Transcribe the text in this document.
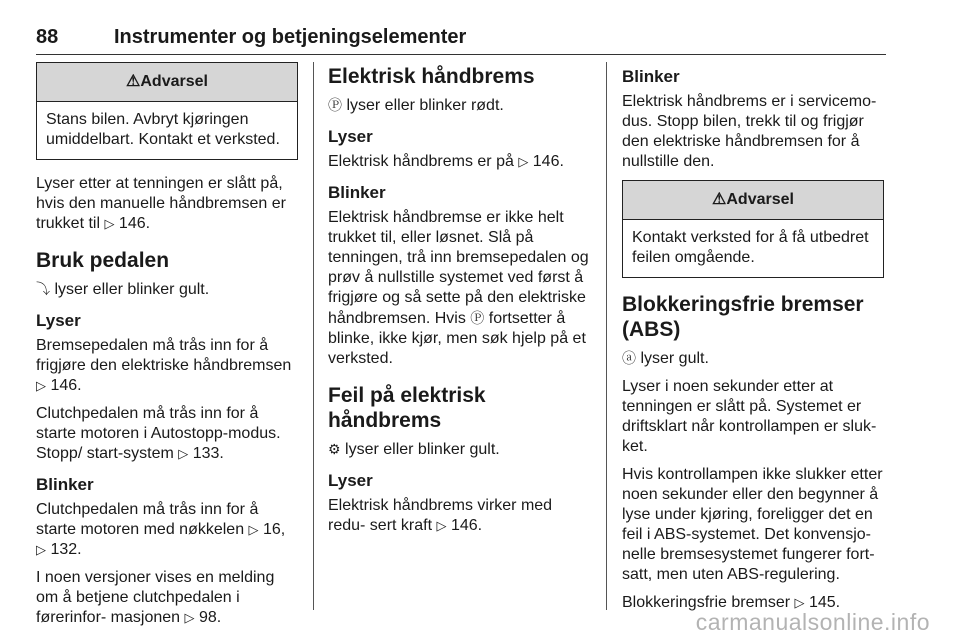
88	Instrumenter og betjeningselementer
⚠Advarsel
Stans bilen. Avbryt kjøringen umiddelbart. Kontakt et verksted.

Lyser etter at tenningen er slått på, hvis den manuelle håndbremsen er trukket til ▷ 146.

Bruk pedalen

⤵ lyser eller blinker gult.

Lyser

Bremsepedalen må trås inn for å frigjøre den elektriske håndbremsen ▷ 146.

Clutchpedalen må trås inn for å starte motoren i Autostopp-modus. Stopp/ start-system ▷ 133.

Blinker

Clutchpedalen må trås inn for å starte motoren med nøkkelen ▷ 16, ▷ 132.

I noen versjoner vises en melding om å betjene clutchpedalen i førerinfor- masjonen ▷ 98.

Elektrisk håndbrems

Ⓟ lyser eller blinker rødt.

Lyser

Elektrisk håndbrems er på ▷ 146.

Blinker

Elektrisk håndbremse er ikke helt trukket til, eller løsnet. Slå på tenningen, trå inn bremsepedalen og prøv å nullstille systemet ved først å frigjøre og så sette på den elektriske håndbremsen. Hvis Ⓟ fortsetter å blinke, ikke kjør, men søk hjelp på et verksted.

Feil på elektrisk håndbrems

⚙ lyser eller blinker gult.

Lyser

Elektrisk håndbrems virker med redu- sert kraft ▷ 146.

Blinker

Elektrisk håndbrems er i servicemo- dus. Stopp bilen, trekk til og frigjør den elektriske håndbremsen for å nullstille den.

⚠Advarsel
Kontakt verksted for å få utbedret feilen omgående.
Blokkeringsfrie bremser (ABS)

ⓐ lyser gult.

Lyser i noen sekunder etter at tenningen er slått på. Systemet er driftsklart når kontrollampen er sluk- ket.

Hvis kontrollampen ikke slukker etter noen sekunder eller den begynner å lyse under kjøring, foreligger det en feil i ABS-systemet. Det konvensjo- nelle bremsesystemet fungerer fort- satt, men uten ABS-regulering.

Blokkeringsfrie bremser ▷ 145.

carmanualsonline.info
